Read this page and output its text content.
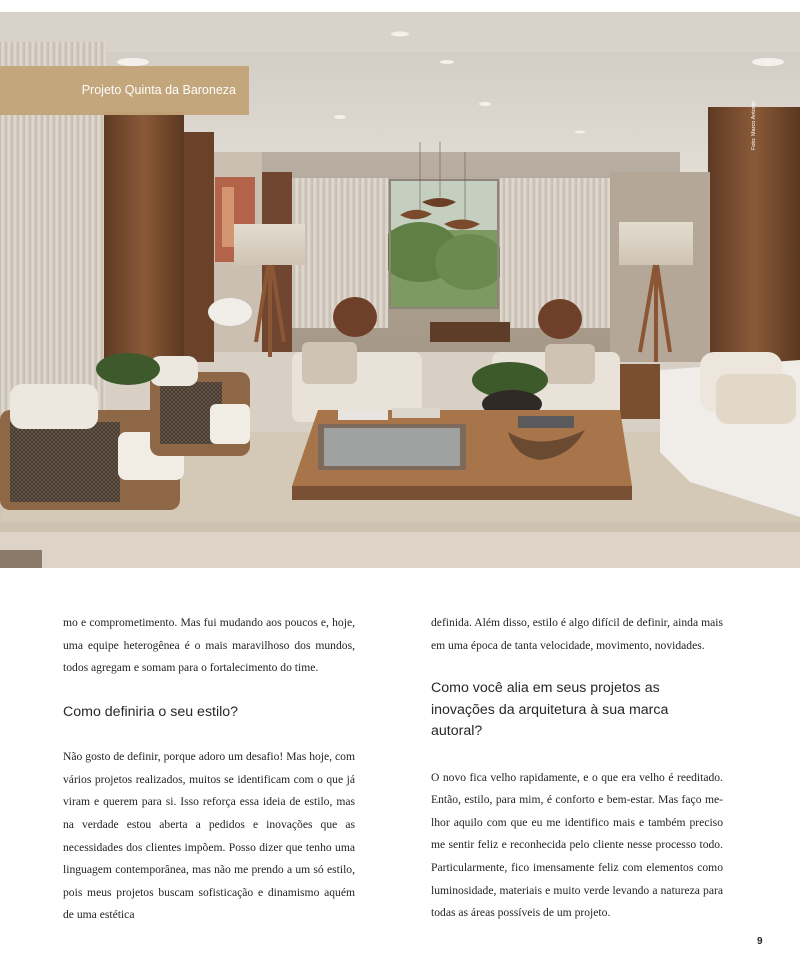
Projeto Quinta da Baroneza
Foto: Marco Antonio

mo e comprometimento. Mas fui mudando aos poucos e, hoje, uma equipe heterogênea é o mais maravilhoso dos mundos, todos agregam e somam para o fortalecimento do time.

Como definiria o seu estilo?

Não gosto de definir, porque adoro um desafio! Mas hoje, com vários projetos realizados, muitos se identificam com o que já viram e querem para si. Isso reforça essa ideia de estilo, mas na verdade estou aberta a pedidos e inovações que as necessidades dos clientes impõem. Posso dizer que tenho uma linguagem contemporânea, mas não me prendo a um só estilo, pois meus projetos buscam sofisticação e dinamismo aquém de uma estética

definida. Além disso, estilo é algo difícil de definir, ainda mais em uma época de tanta velocidade, movimento, novidades.

Como você alia em seus projetos as inovações da arquitetura à sua marca autoral?

O novo fica velho rapidamente, e o que era velho é reeditado. Então, estilo, para mim, é conforto e bem-estar. Mas faço melhor aquilo com que eu me identifico mais e também preciso me sentir feliz e reconhecida pelo cliente nesse processo todo. Particularmente, fico imensamente feliz com elementos como luminosidade, materiais e muito verde levando a natureza para todas as áreas possíveis de um projeto.

9
